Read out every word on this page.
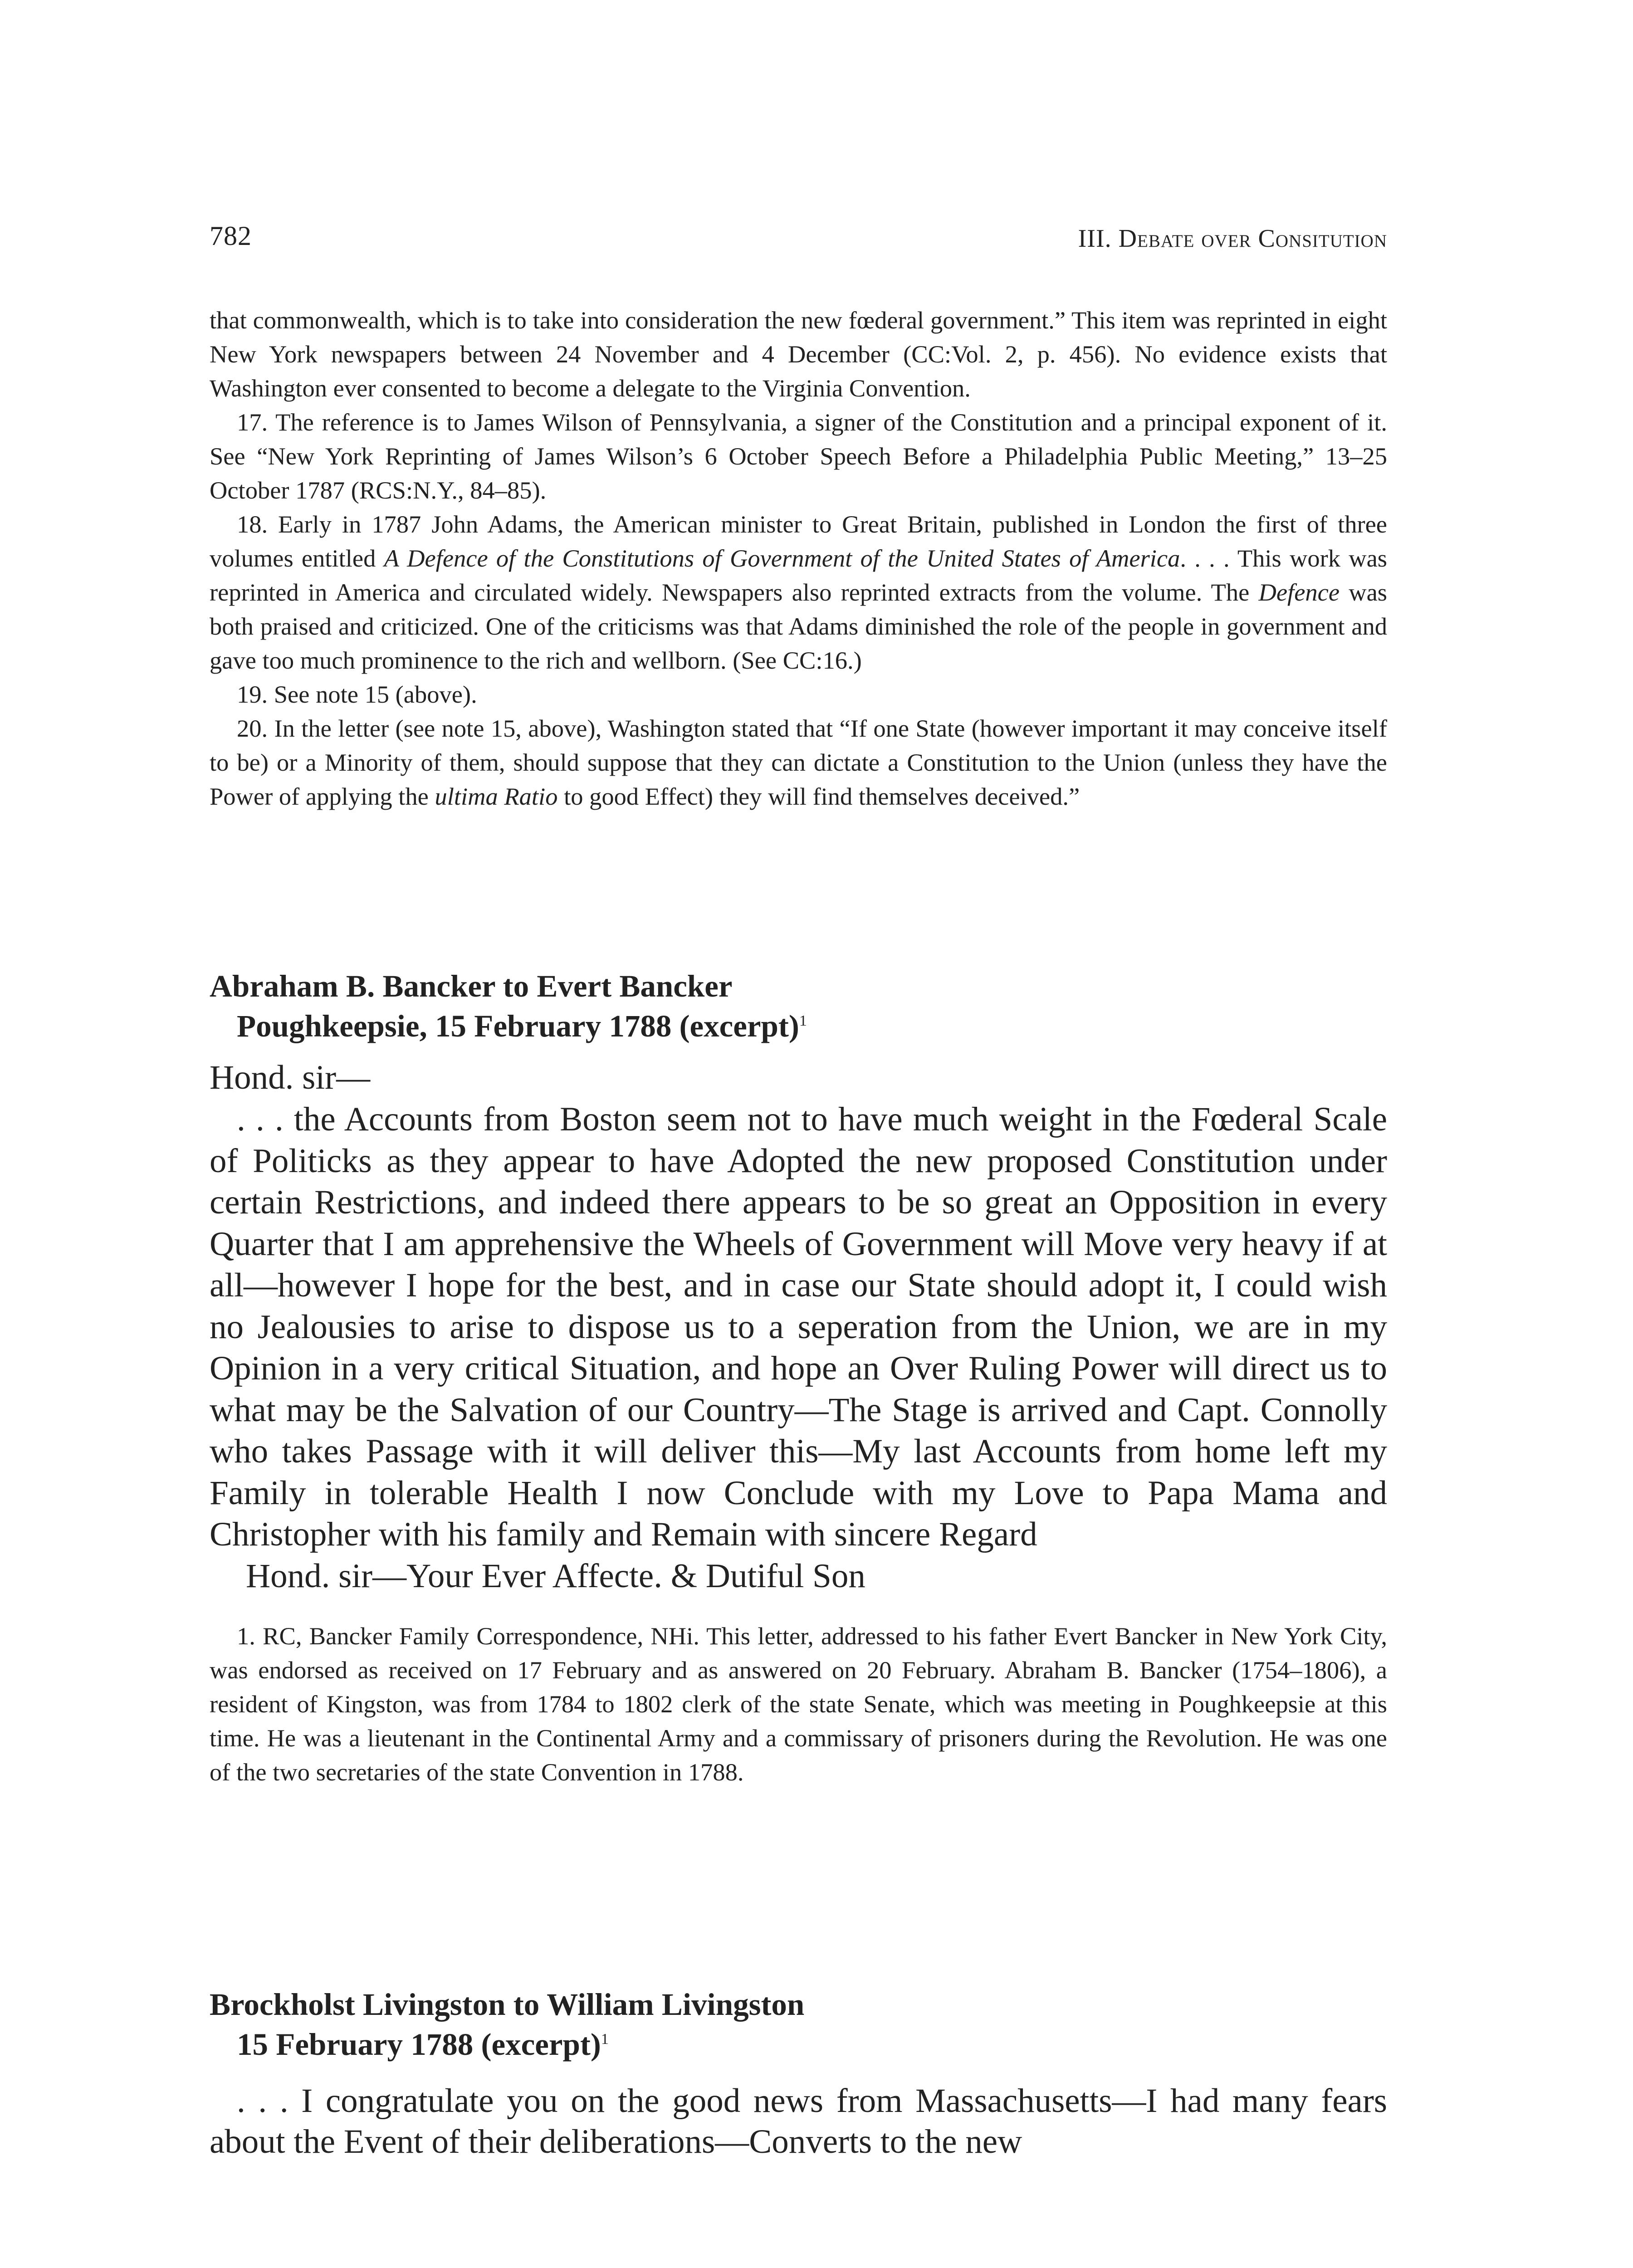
782	III. Debate over Consitution

that commonwealth, which is to take into consideration the new fœderal government.” This item was reprinted in eight New York newspapers between 24 November and 4 December (CC:Vol. 2, p. 456). No evidence exists that Washington ever consented to become a delegate to the Virginia Convention.

17. The reference is to James Wilson of Pennsylvania, a signer of the Constitution and a principal exponent of it. See “New York Reprinting of James Wilson’s 6 October Speech Before a Philadelphia Public Meeting,” 13–25 October 1787 (RCS:N.Y., 84–85).

18. Early in 1787 John Adams, the American minister to Great Britain, published in London the first of three volumes entitled A Defence of the Constitutions of Government of the United States of America. . . . This work was reprinted in America and circulated widely. Newspapers also reprinted extracts from the volume. The Defence was both praised and criticized. One of the criticisms was that Adams diminished the role of the people in government and gave too much prominence to the rich and wellborn. (See CC:16.)

19. See note 15 (above).

20. In the letter (see note 15, above), Washington stated that “If one State (however important it may conceive itself to be) or a Minority of them, should suppose that they can dictate a Constitution to the Union (unless they have the Power of applying the ultima Ratio to good Effect) they will find themselves deceived.”

Abraham B. Bancker to Evert Bancker
Poughkeepsie, 15 February 1788 (excerpt)$^1$

Hond. sir—

. . . the Accounts from Boston seem not to have much weight in the Fœderal Scale of Politicks as they appear to have Adopted the new proposed Constitution under certain Restrictions, and indeed there appears to be so great an Opposition in every Quarter that I am apprehensive the Wheels of Government will Move very heavy if at all—however I hope for the best, and in case our State should adopt it, I could wish no Jealousies to arise to dispose us to a seperation from the Union, we are in my Opinion in a very critical Situation, and hope an Over Ruling Power will direct us to what may be the Salvation of our Country—The Stage is arrived and Capt. Connolly who takes Passage with it will deliver this—My last Accounts from home left my Family in tolerable Health I now Conclude with my Love to Papa Mama and Christopher with his family and Remain with sincere Regard

Hond. sir—Your Ever Affecte. & Dutiful Son

1. RC, Bancker Family Correspondence, NHi. This letter, addressed to his father Evert Bancker in New York City, was endorsed as received on 17 February and as answered on 20 February. Abraham B. Bancker (1754–1806), a resident of Kingston, was from 1784 to 1802 clerk of the state Senate, which was meeting in Poughkeepsie at this time. He was a lieutenant in the Continental Army and a commissary of prisoners during the Revolution. He was one of the two secretaries of the state Convention in 1788.

Brockholst Livingston to William Livingston
15 February 1788 (excerpt)$^1$

. . . I congratulate you on the good news from Massachusetts—I had many fears about the Event of their deliberations—Converts to the new
